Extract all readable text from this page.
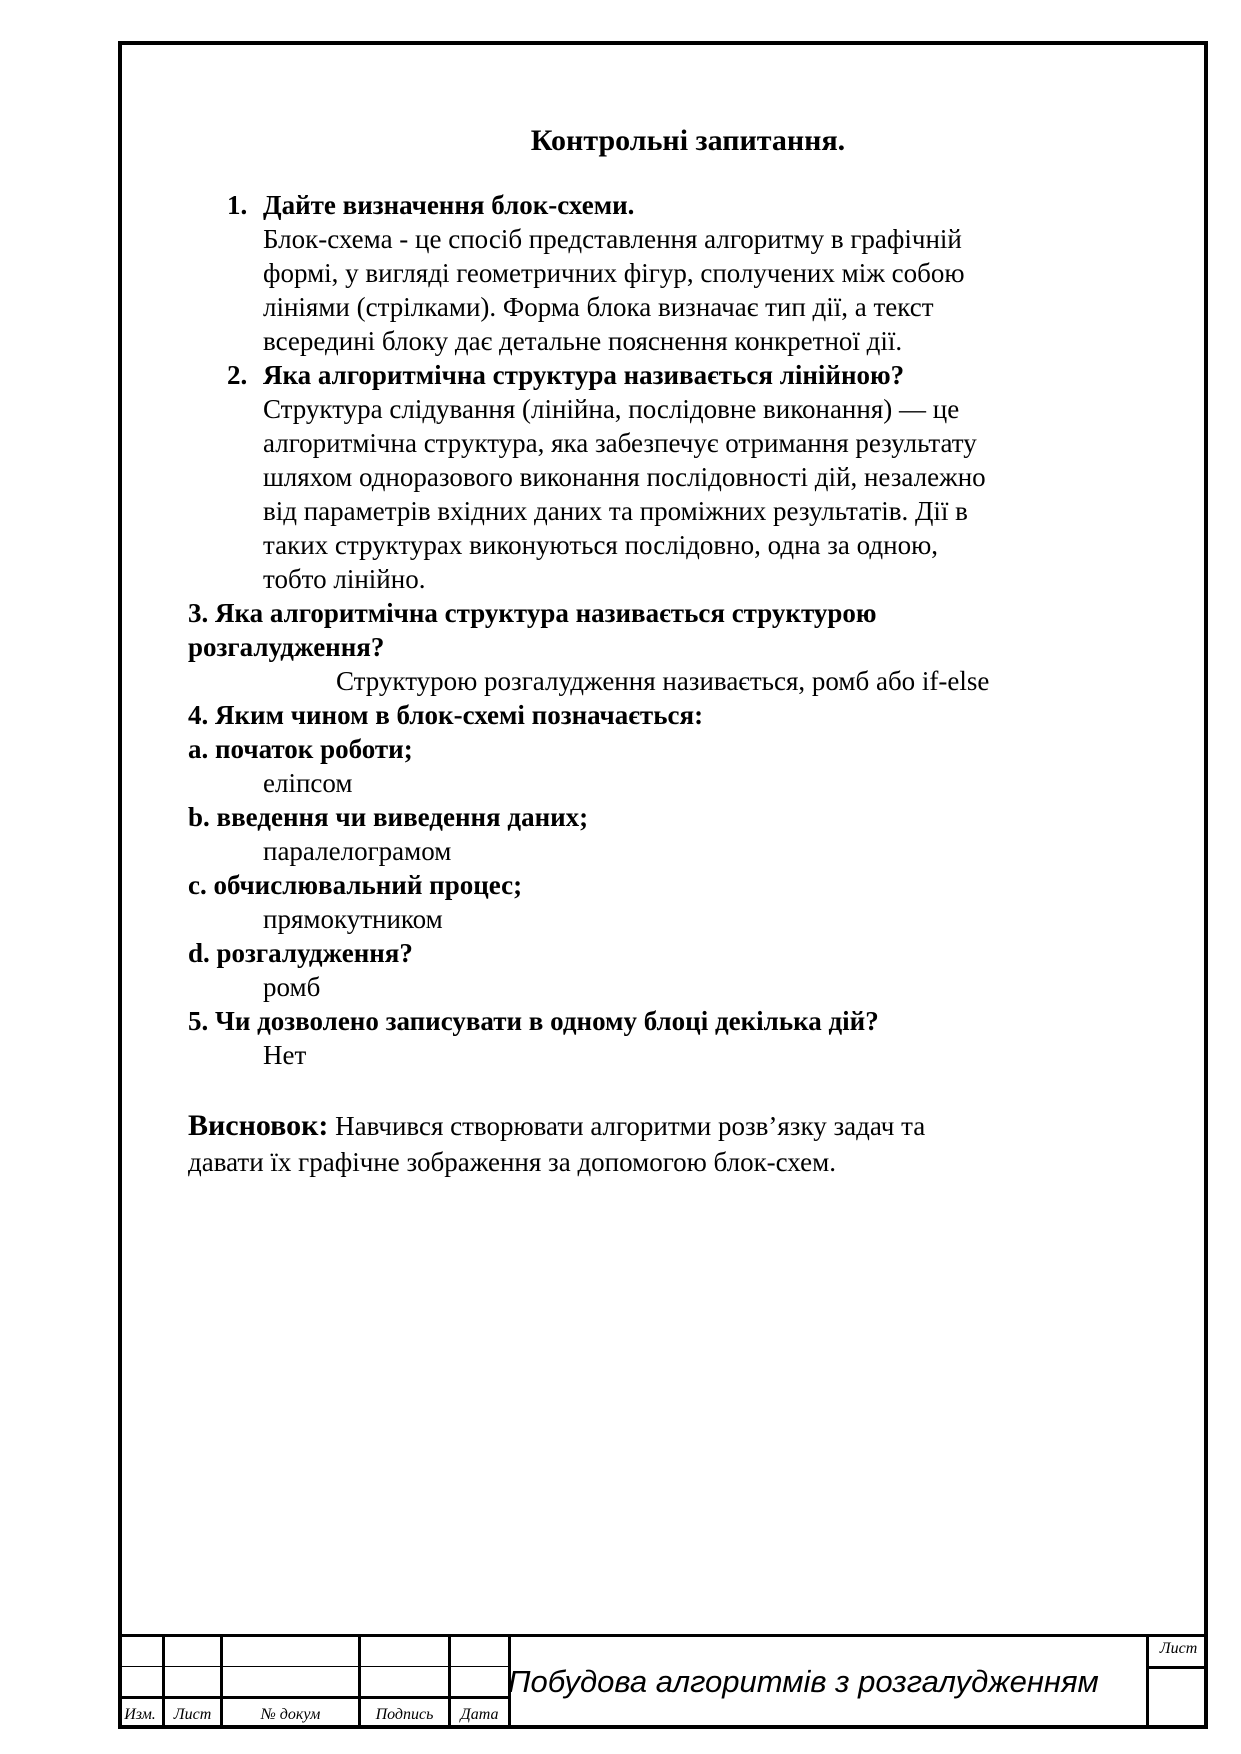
Контрольні запитання.

1. Дайте визначення блок-схеми.

Блок-схема - це спосіб представлення алгоритму в графічній

формі, у вигляді геометричних фігур, сполучених між собою

лініями (стрілками). Форма блока визначає тип дії, а текст

всередині блоку дає детальне пояснення конкретної дії.

2. Яка алгоритмічна структура називається лінійною?

Структура слідування (лінійна, послідовне виконання) — це

алгоритмічна структура, яка забезпечує отримання результату

шляхом одноразового виконання послідовності дій, незалежно

від параметрів вхідних даних та проміжних результатів. Дії в

таких структурах виконуються послідовно, одна за одною,

тобто лінійно.

3. Яка алгоритмічна структура називається структурою

розгалудження?

Структурою розгалудження називається, ромб або if-else

4. Яким чином в блок-схемі позначається:

a. початок роботи;

еліпсом

b. введення чи виведення даних;

паралелограмом

c. обчислювальний процес;

прямокутником

d. розгалудження?

ромб

5. Чи дозволено записувати в одному блоці декілька дій?

Нет

Висновок: Навчився створювати алгоритми розв’язку задач та
давати їх графічне зображення за допомогою блок-схем.
Изм.	Лист	№ докум	Подпись	Дата
Побудова алгоритмів з розгалудженням
Лист
